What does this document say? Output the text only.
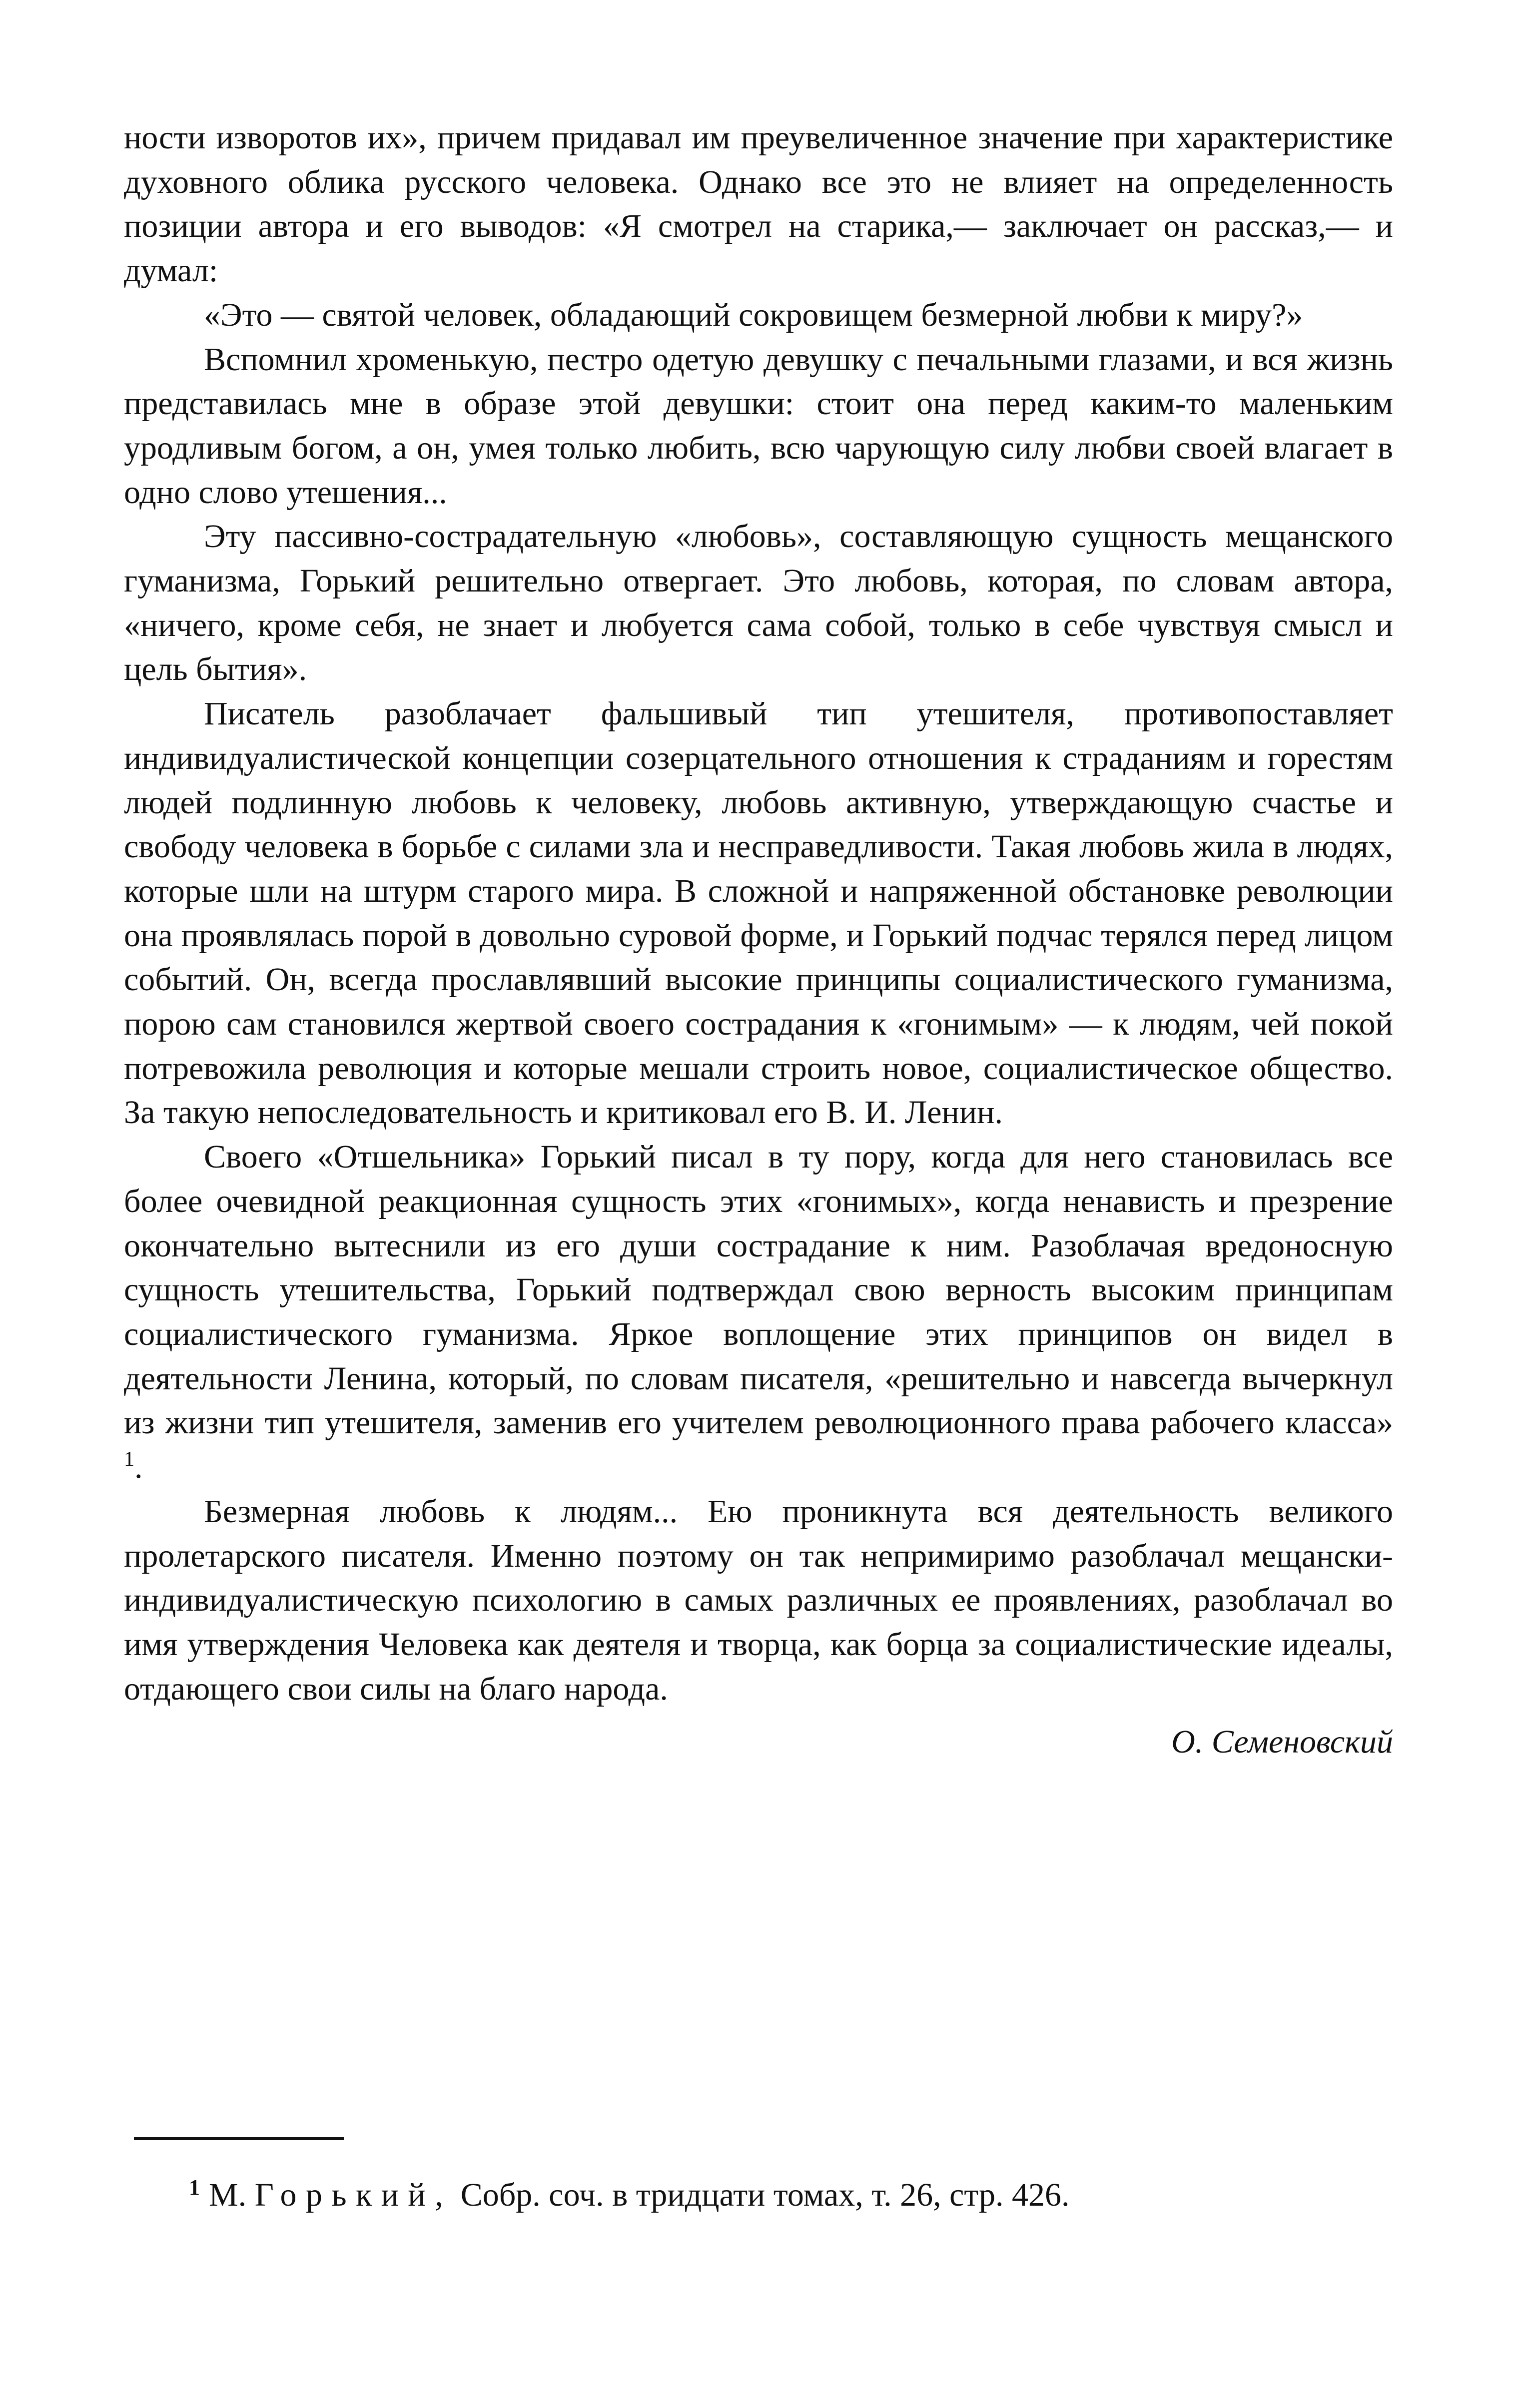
ности изворотов их», причем придавал им преувеличенное значение при характеристике духовного облика русского человека. Однако все это не влияет на определенность позиции автора и его выводов: «Я смотрел на старика,— заключает он рассказ,— и думал:

«Это — святой человек, обладающий сокровищем безмерной любви к миру?»

Вспомнил хроменькую, пестро одетую девушку с печальными глазами, и вся жизнь представилась мне в образе этой девушки: стоит она перед каким-то маленьким уродливым богом, а он, умея только любить, всю чарующую силу любви своей влагает в одно слово утешения...

Эту пассивно-сострадательную «любовь», составляющую сущность мещанского гуманизма, Горький решительно отвергает. Это любовь, которая, по словам автора, «ничего, кроме себя, не знает и любуется сама собой, только в себе чувствуя смысл и цель бытия».

Писатель разоблачает фальшивый тип утешителя, противопоставляет индивидуалистической концепции созерцательного отношения к страданиям и горестям людей подлинную любовь к человеку, любовь активную, утверждающую счастье и свободу человека в борьбе с силами зла и несправедливости. Такая любовь жила в людях, которые шли на штурм старого мира. В сложной и напряженной обстановке революции она проявлялась порой в довольно суровой форме, и Горький подчас терялся перед лицом событий. Он, всегда прославлявший высокие принципы социалистического гуманизма, порою сам становился жертвой своего сострадания к «гонимым» — к людям, чей покой потревожила революция и которые мешали строить новое, социалистическое общество. За такую непоследовательность и критиковал его В. И. Ленин.

Своего «Отшельника» Горький писал в ту пору, когда для него становилась все более очевидной реакционная сущность этих «гонимых», когда ненависть и презрение окончательно вытеснили из его души сострадание к ним. Разоблачая вредоносную сущность утешительства, Горький подтверждал свою верность высоким принципам социалистического гуманизма. Яркое воплощение этих принципов он видел в деятельности Ленина, который, по словам писателя, «решительно и навсегда вычеркнул из жизни тип утешителя, заменив его учителем революционного права рабочего класса» $^1$.

Безмерная любовь к людям... Ею проникнута вся деятельность великого пролетарского писателя. Именно поэтому он так непримиримо разоблачал мещански-индивидуалистическую психологию в самых различных ее проявлениях, разоблачал во имя утверждения Человека как деятеля и творца, как борца за социалистические идеалы, отдающего свои силы на благо народа.

О. Семеновский

$^1$ М. Горький, Собр. соч. в тридцати томах, т. 26, стр. 426.
